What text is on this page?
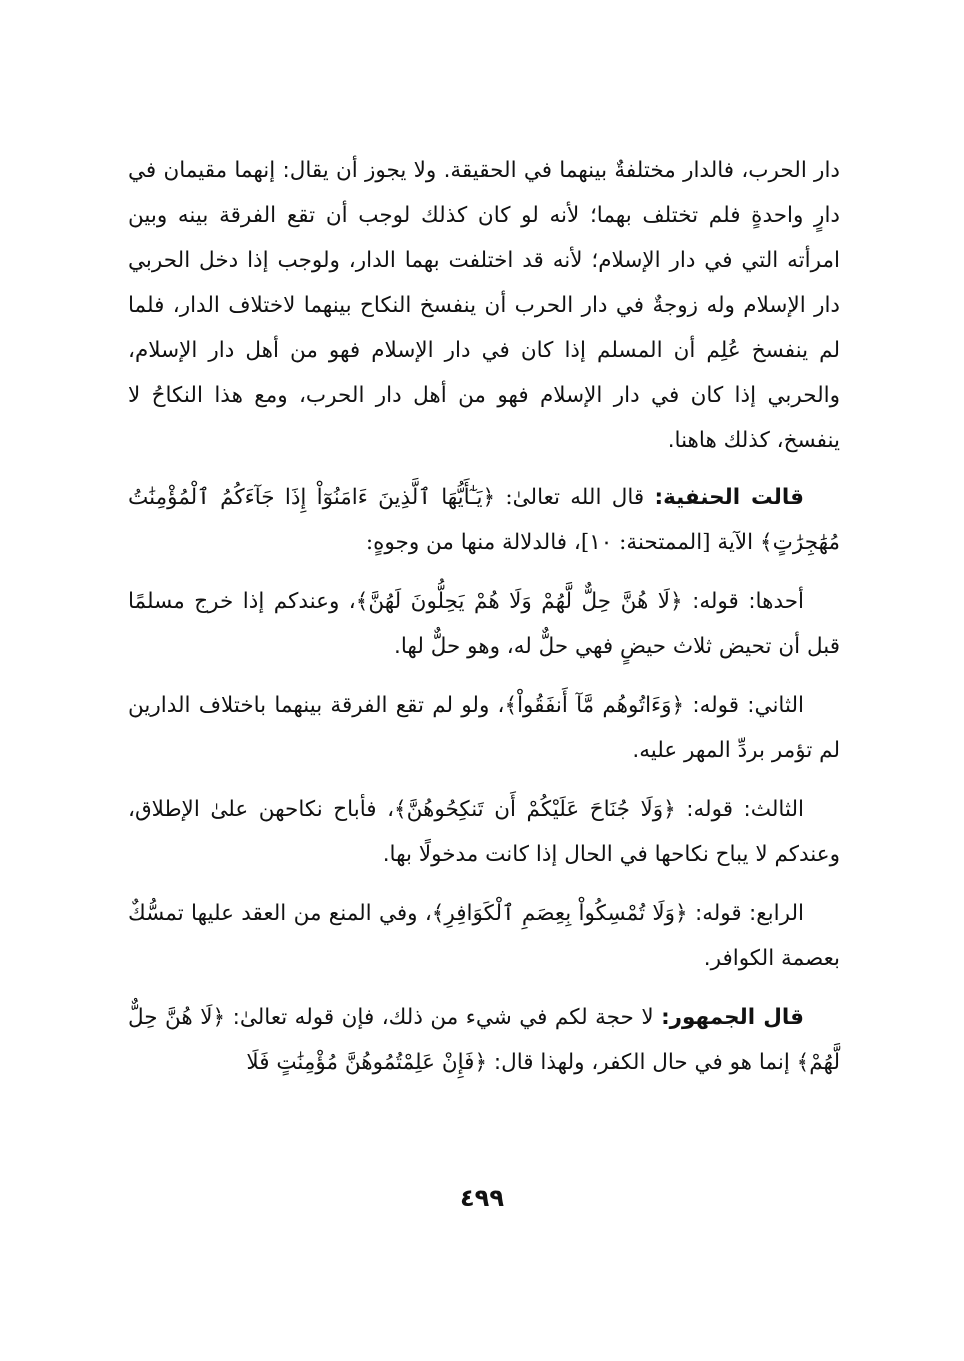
دار الحرب، فالدار مختلفةٌ بينهما في الحقيقة. ولا يجوز أن يقال: إنهما مقيمان في دارٍ واحدةٍ فلم تختلف بهما؛ لأنه لو كان كذلك لوجب أن تقع الفرقة بينه وبين امرأته التي في دار الإسلام؛ لأنه قد اختلفت بهما الدار، ولوجب إذا دخل الحربي دار الإسلام وله زوجةٌ في دار الحرب أن ينفسخ النكاح بينهما لاختلاف الدار، فلما لم ينفسخ عُلِم أن المسلم إذا كان في دار الإسلام فهو من أهل دار الإسلام، والحربي إذا كان في دار الإسلام فهو من أهل دار الحرب، ومع هذا النكاحُ لا ينفسخ، كذلك هاهنا.

قالت الحنفية: قال الله تعالىٰ: ﴿يَـٰٓأَيُّهَا ٱلَّذِينَ ءَامَنُوٓاْ إِذَا جَآءَكُمُ ٱلْمُؤْمِنَٰتُ مُهَٰجِرَٰتٍ﴾ الآية [الممتحنة: ١٠]، فالدلالة منها من وجوهٍ:

أحدها: قوله: ﴿لَا هُنَّ حِلٌّ لَّهُمْ وَلَا هُمْ يَحِلُّونَ لَهُنَّ﴾، وعندكم إذا خرج مسلمًا قبل أن تحيض ثلاث حيضٍ فهي حلٌّ له، وهو حلٌّ لها.

الثاني: قوله: ﴿وَءَاتُوهُم مَّآ أَنفَقُواْ﴾، ولو لم تقع الفرقة بينهما باختلاف الدارين لم تؤمر بردِّ المهر عليه.

الثالث: قوله: ﴿وَلَا جُنَاحَ عَلَيْكُمْ أَن تَنكِحُوهُنَّ﴾، فأباح نكاحهن علىٰ الإطلاق، وعندكم لا يباح نكاحها في الحال إذا كانت مدخولًا بها.

الرابع: قوله: ﴿وَلَا تُمْسِكُواْ بِعِصَمِ ٱلْكَوَافِرِ﴾، وفي المنع من العقد عليها تمسُّكٌ بعصمة الكوافر.

قال الجمهور: لا حجة لكم في شيء من ذلك، فإن قوله تعالىٰ: ﴿لَا هُنَّ حِلٌّ لَّهُمْ﴾ إنما هو في حال الكفر، ولهذا قال: ﴿فَإِنْ عَلِمْتُمُوهُنَّ مُؤْمِنَٰتٍ فَلَا

٤٩٩
